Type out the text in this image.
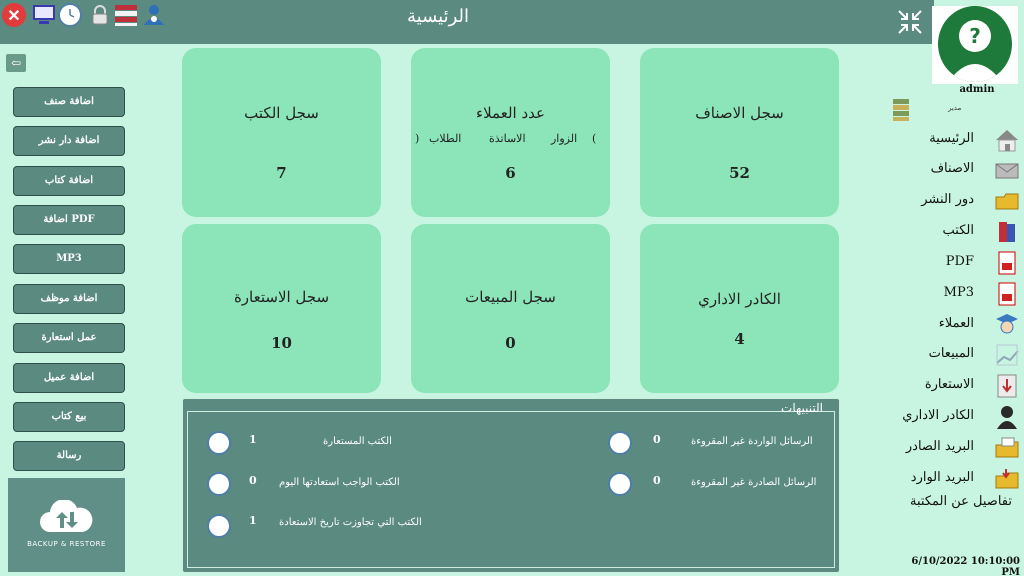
✕	الرئيسية
⇦
اضافة صنف
اضافة دار نشر
اضافة كتاب
اضافة PDF
MP3
اضافة موظف
عمل استعارة
اضافة عميل
بيع كتاب
رسالة
BACKUP & RESTORE
سجل الاصناف
52
عدد العملاء
(
الزوار
الاساتذة
الطلاب
)
6
سجل الكتب
7
الكادر الاداري
4
سجل المبيعات
0
سجل الاستعارة
10
التنبيهات
الرسائل الواردة غير المقروءة
0
الرسائل الصادرة غير المقروءة
0
الكتب المستعارة
1
الكتب الواجب استعادتها اليوم
0
الكتب التي تجاوزت تاريخ الاستعادة
1
?
admin
مدير
الرئيسية
الاصناف
دور النشر
الكتب
PDF
MP3
العملاء
المبيعات
الاستعارة
الكادر الاداري
البريد الصادر
البريد الوارد
تفاصيل عن المكتبة
6/10/2022 10:10:00 PM
